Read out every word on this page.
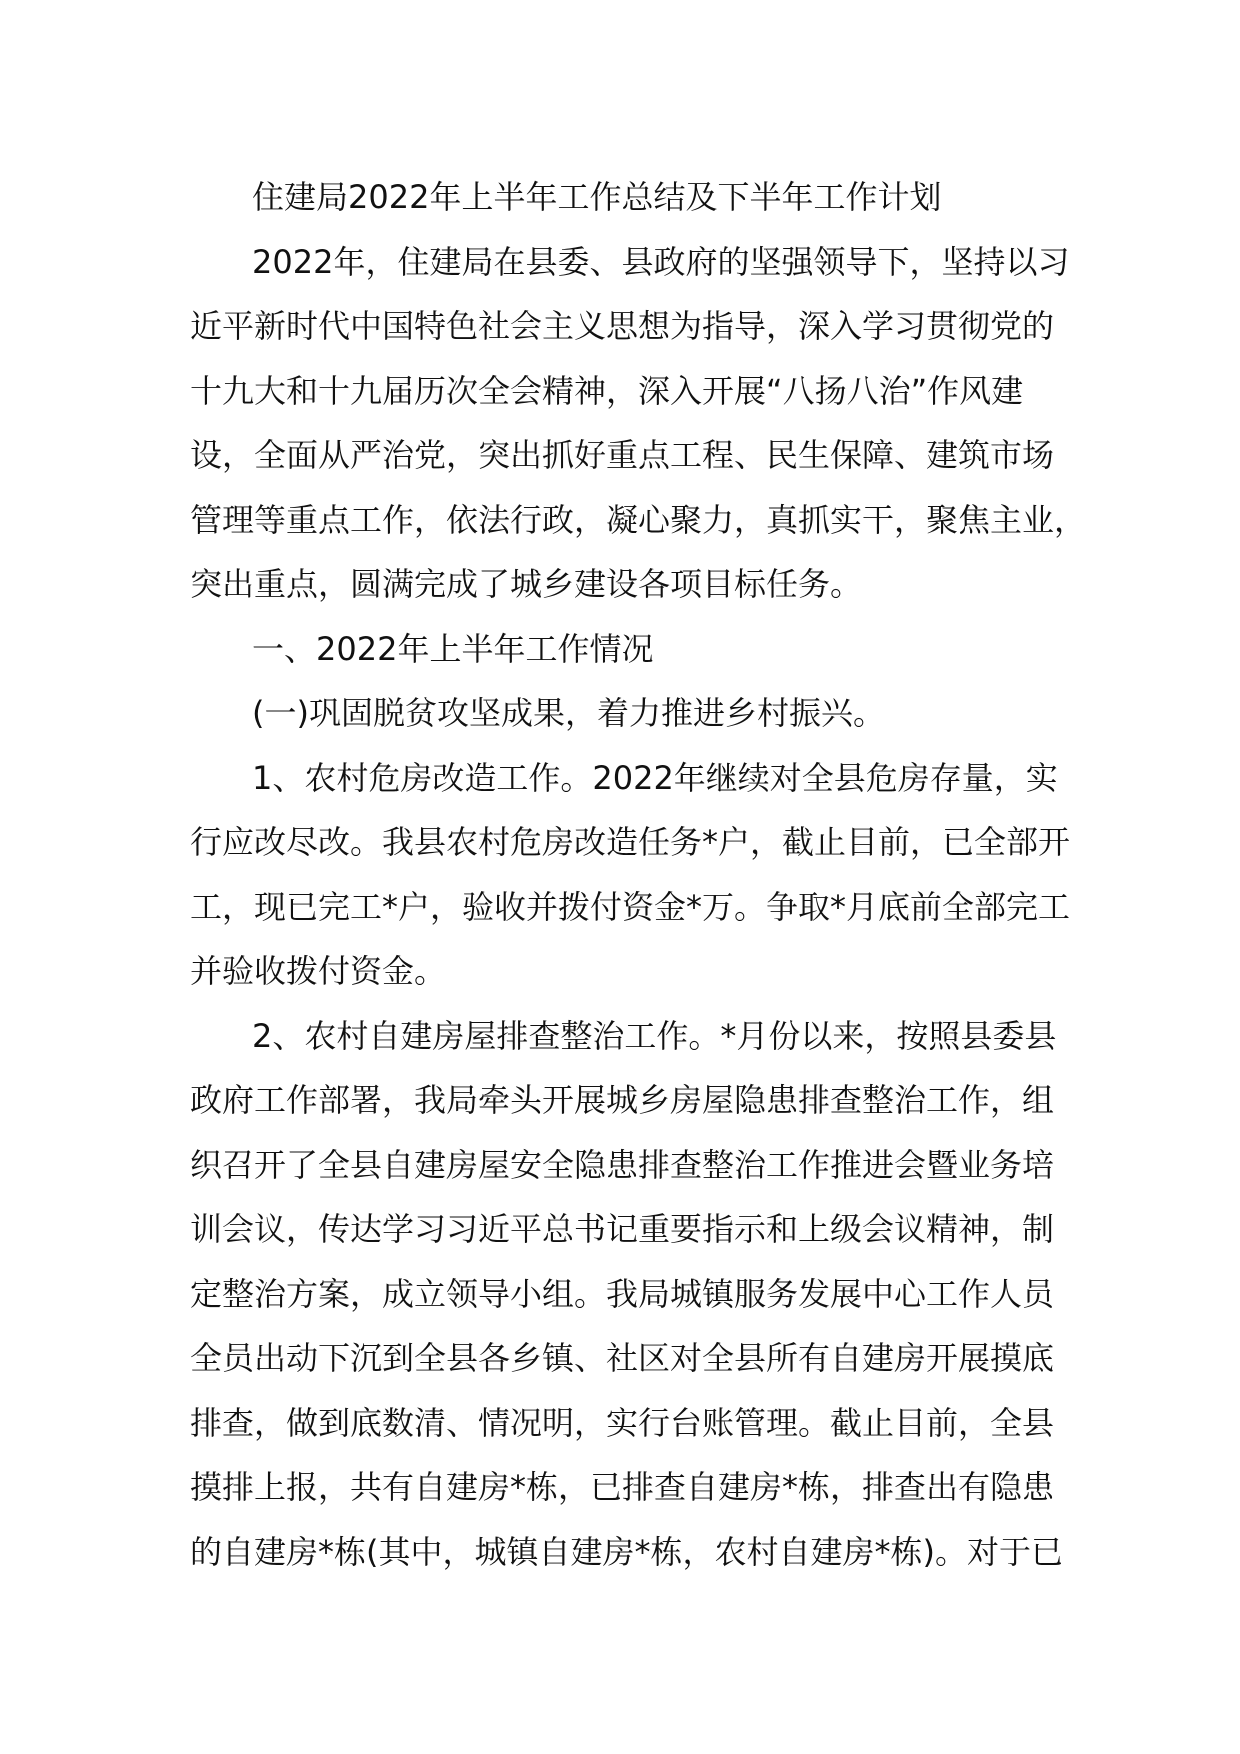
住建局2022年上半年工作总结及下半年工作计划
2022年，住建局在县委、县政府的坚强领导下，坚持以习
近平新时代中国特色社会主义思想为指导，深入学习贯彻党的
十九大和十九届历次全会精神，深入开展“八扬八治”作风建
设，全面从严治党，突出抓好重点工程、民生保障、建筑市场
管理等重点工作，依法行政，凝心聚力，真抓实干，聚焦主业，
突出重点，圆满完成了城乡建设各项目标任务。
一、2022年上半年工作情况
(一)巩固脱贫攻坚成果，着力推进乡村振兴。
1、农村危房改造工作。2022年继续对全县危房存量，实
行应改尽改。我县农村危房改造任务*户，截止目前，已全部开
工，现已完工*户，验收并拨付资金*万。争取*月底前全部完工
并验收拨付资金。
2、农村自建房屋排查整治工作。*月份以来，按照县委县
政府工作部署，我局牵头开展城乡房屋隐患排查整治工作，组
织召开了全县自建房屋安全隐患排查整治工作推进会暨业务培
训会议，传达学习习近平总书记重要指示和上级会议精神，制
定整治方案，成立领导小组。我局城镇服务发展中心工作人员
全员出动下沉到全县各乡镇、社区对全县所有自建房开展摸底
排查，做到底数清、情况明，实行台账管理。截止目前，全县
摸排上报，共有自建房*栋，已排查自建房*栋，排查出有隐患
的自建房*栋(其中，城镇自建房*栋，农村自建房*栋)。对于已
